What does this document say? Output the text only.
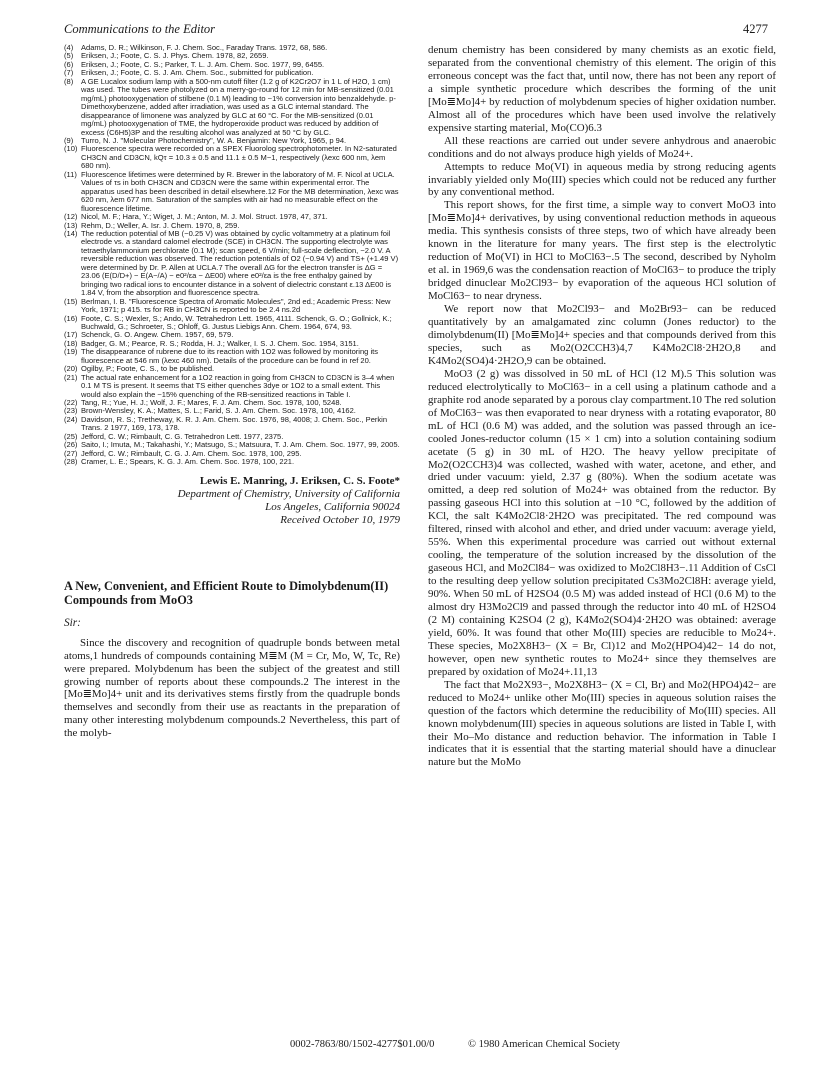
Communications to the Editor	4277
(4)	Adams, D. R.; Wilkinson, F. J. Chem. Soc., Faraday Trans. 1972, 68, 586.
(5)	Eriksen, J.; Foote, C. S. J. Phys. Chem. 1978, 82, 2659.
(6)	Eriksen, J.; Foote, C. S.; Parker, T. L. J. Am. Chem. Soc. 1977, 99, 6455.
(7)	Eriksen, J.; Foote, C. S. J. Am. Chem. Soc., submitted for publication.
(8)	A GE Lucalox sodium lamp with a 500-nm cutoff filter (1.2 g of K2Cr2O7 in 1 L of H2O, 1 cm) was used. The tubes were photolyzed on a merry-go-round for 12 min for MB-sensitized (0.01 mg/mL) photooxygenation of stilbene (0.1 M) leading to ~1% conversion into benzaldehyde. p-Dimethoxybenzene, added after irradiation, was used as a GLC internal standard. The disappearance of limonene was analyzed by GLC at 60 °C. For the MB-sensitized (0.01 mg/mL) photooxygenation of TME, the hydroperoxide product was reduced by addition of excess (C6H5)3P and the resulting alcohol was analyzed at 50 °C by GLC.
(9)	Turro, N. J. "Molecular Photochemistry", W. A. Benjamin: New York, 1965, p 94.
(10) Fluorescence spectra were recorded on a SPEX Fluorolog spectrophotometer. In N2-saturated CH3CN and CD3CN, kQτ = 10.3 ± 0.5 and 11.1 ± 0.5 M−1, respectively (λexc 600 nm, λem 680 nm).
(11) Fluorescence lifetimes were determined by R. Brewer in the laboratory of M. F. Nicol at UCLA. Values of τs in both CH3CN and CD3CN were the same within experimental error. The apparatus used has been described in detail elsewhere.12 For the MB determination, λexc was 620 nm, λem 677 nm. Saturation of the samples with air had no measurable effect on the fluorescence lifetime.
(12) Nicol, M. F.; Hara, Y.; Wiget, J. M.; Anton, M. J. Mol. Struct. 1978, 47, 371.
(13) Rehm, D.; Weller, A. Isr. J. Chem. 1970, 8, 259.
(14) The reduction potential of MB (−0.25 V) was obtained by cyclic voltammetry at a platinum foil electrode vs. a standard calomel electrode (SCE) in CH3CN. The supporting electrolyte was tetraethylammonium perchlorate (0.1 M); scan speed, 6 V/min; full-scale deflection, −2.0 V. A reversible reduction was observed. The reduction potentials of O2 (−0.94 V) and TS+ (+1.49 V) were determined by Dr. P. Allen at UCLA.7 The overall ΔG for the electron transfer is ΔG = 23.06 (E(D/D+) − E(A−/A) − e0²/εa − ΔE00) where e0²/εa is the free enthalpy gained by bringing two radical ions to encounter distance in a solvent of dielectric constant ε.13 ΔE00 is 1.84 V, from the absorption and fluorescence spectra.
(15) Berlman, I. B. "Fluorescence Spectra of Aromatic Molecules", 2nd ed.; Academic Press: New York, 1971; p 415. τs for RB in CH3CN is reported to be 2.4 ns.2d
(16) Foote, C. S.; Wexler, S.; Ando, W. Tetrahedron Lett. 1965, 4111. Schenck, G. O.; Gollnick, K.; Buchwald, G.; Schroeter, S.; Ohloff, G. Justus Liebigs Ann. Chem. 1964, 674, 93.
(17) Schenck, G. O. Angew. Chem. 1957, 69, 579.
(18) Badger, G. M.; Pearce, R. S.; Rodda, H. J.; Walker, I. S. J. Chem. Soc. 1954, 3151.
(19) The disappearance of rubrene due to its reaction with 1O2 was followed by monitoring its fluorescence at 546 nm (λexc 460 nm). Details of the procedure can be found in ref 20.
(20) Ogilby, P.; Foote, C. S., to be published.
(21) The actual rate enhancement for a 1O2 reaction in going from CH3CN to CD3CN is 3–4 when 0.1 M TS is present. It seems that TS either quenches 3dye or 1O2 to a small extent. This would also explain the ~15% quenching of the RB-sensitized reactions in Table I.
(22) Tang, R.; Yue, H. J.; Wolf, J. F.; Mares, F. J. Am. Chem. Soc. 1978, 100, 5248.
(23) Brown-Wensley, K. A.; Mattes, S. L.; Farid, S. J. Am. Chem. Soc. 1978, 100, 4162.
(24) Davidson, R. S.; Tretheway, K. R. J. Am. Chem. Soc. 1976, 98, 4008; J. Chem. Soc., Perkin Trans. 2 1977, 169, 173, 178.
(25) Jefford, C. W.; Rimbault, C. G. Tetrahedron Lett. 1977, 2375.
(26) Saito, I.; Imuta, M.; Takahashi, Y.; Matsugo, S.; Matsuura, T. J. Am. Chem. Soc. 1977, 99, 2005.
(27) Jefford, C. W.; Rimbault, C. G. J. Am. Chem. Soc. 1978, 100, 295.
(28) Cramer, L. E.; Spears, K. G. J. Am. Chem. Soc. 1978, 100, 221.
Lewis E. Manring, J. Eriksen, C. S. Foote*
Department of Chemistry, University of California
Los Angeles, California 90024
Received October 10, 1979
A New, Convenient, and Efficient Route to Dimolybdenum(II) Compounds from MoO3
Sir:

Since the discovery and recognition of quadruple bonds between metal atoms,1 hundreds of compounds containing M≣M (M = Cr, Mo, W, Tc, Re) were prepared. Molybdenum has been the subject of the greatest and still growing number of reports about these compounds.2 The interest in the [Mo≣Mo]4+ unit and its derivatives stems firstly from the quadruple bonds themselves and secondly from their use as reactants in the preparation of many other interesting molybdenum compounds.2 Nevertheless, this part of the molyb-

denum chemistry has been considered by many chemists as an exotic field, separated from the conventional chemistry of this element. The origin of this erroneous concept was the fact that, until now, there has not been any report of a simple synthetic procedure which describes the forming of the unit [Mo≣Mo]4+ by reduction of molybdenum species of higher oxidation number. Almost all of the procedures which have been used involve the relatively expensive starting material, Mo(CO)6.3

All these reactions are carried out under severe anhydrous and anaerobic conditions and do not always produce high yields of Mo24+.

Attempts to reduce Mo(VI) in aqueous media by strong reducing agents invariably yielded only Mo(III) species which could not be reduced any further by any conventional method.

This report shows, for the first time, a simple way to convert MoO3 into [Mo≣Mo]4+ derivatives, by using conventional reduction methods in aqueous media. This synthesis consists of three steps, two of which have already been known in the literature for many years. The first step is the electrolytic reduction of Mo(VI) in HCl to MoCl63−.5 The second, described by Nyholm et al. in 1969,6 was the condensation reaction of MoCl63− to produce the triply bridged dinuclear Mo2Cl93− by evaporation of the aqueous HCl solution of MoCl63− to near dryness.

We report now that Mo2Cl93− and Mo2Br93− can be reduced quantitatively by an amalgamated zinc column (Jones reductor) to the dimolybdenum(II) [Mo≣Mo]4+ species and that compounds derived from this species, such as Mo2(O2CCH3)4,7 K4Mo2Cl8·2H2O,8 and K4Mo2(SO4)4·2H2O,9 can be obtained.

MoO3 (2 g) was dissolved in 50 mL of HCl (12 M).5 This solution was reduced electrolytically to MoCl63− in a cell using a platinum cathode and a graphite rod anode separated by a porous clay compartment.10 The red solution of MoCl63− was then evaporated to near dryness with a rotating evaporator, 80 mL of HCl (0.6 M) was added, and the solution was passed through an ice-cooled Jones-reductor column (15 × 1 cm) into a solution containing sodium acetate (5 g) in 30 mL of H2O. The heavy yellow precipitate of Mo2(O2CCH3)4 was collected, washed with water, acetone, and ether, and dried under vacuum: yield, 2.37 g (80%). When the sodium acetate was omitted, a deep red solution of Mo24+ was obtained from the reductor. By passing gaseous HCl into this solution at −10 °C, followed by the addition of KCl, the salt K4Mo2Cl8·2H2O was precipitated. The red compound was filtered, rinsed with alcohol and ether, and dried under vacuum: average yield, 55%. When this experimental procedure was carried out without external cooling, the temperature of the solution increased by the dissolution of the gaseous HCl, and Mo2Cl84− was oxidized to Mo2Cl8H3−.11 Addition of CsCl to the resulting deep yellow solution precipitated Cs3Mo2Cl8H: average yield, 90%. When 50 mL of H2SO4 (0.5 M) was added instead of HCl (0.6 M) to the almost dry H3Mo2Cl9 and passed through the reductor into 40 mL of H2SO4 (2 M) containing K2SO4 (2 g), K4Mo2(SO4)4·2H2O was obtained: average yield, 60%. It was found that other Mo(III) species are reducible to Mo24+. These species, Mo2X8H3− (X = Br, Cl)12 and Mo2(HPO4)42− 14 do not, however, open new synthetic routes to Mo24+ since they themselves are prepared by oxidation of Mo24+.11,13

The fact that Mo2X93−, Mo2X8H3− (X = Cl, Br) and Mo2(HPO4)42− are reduced to Mo24+ unlike other Mo(III) species in aqueous solution raises the question of the factors which determine the reducibility of Mo(III) species. All known molybdenum(III) species in aqueous solutions are listed in Table I, with their Mo–Mo distance and reduction behavior. The information in Table I indicates that it is essential that the starting material should have a dinuclear nature but the MoMo

0002-7863/80/1502-4277$01.00/0	© 1980 American Chemical Society
